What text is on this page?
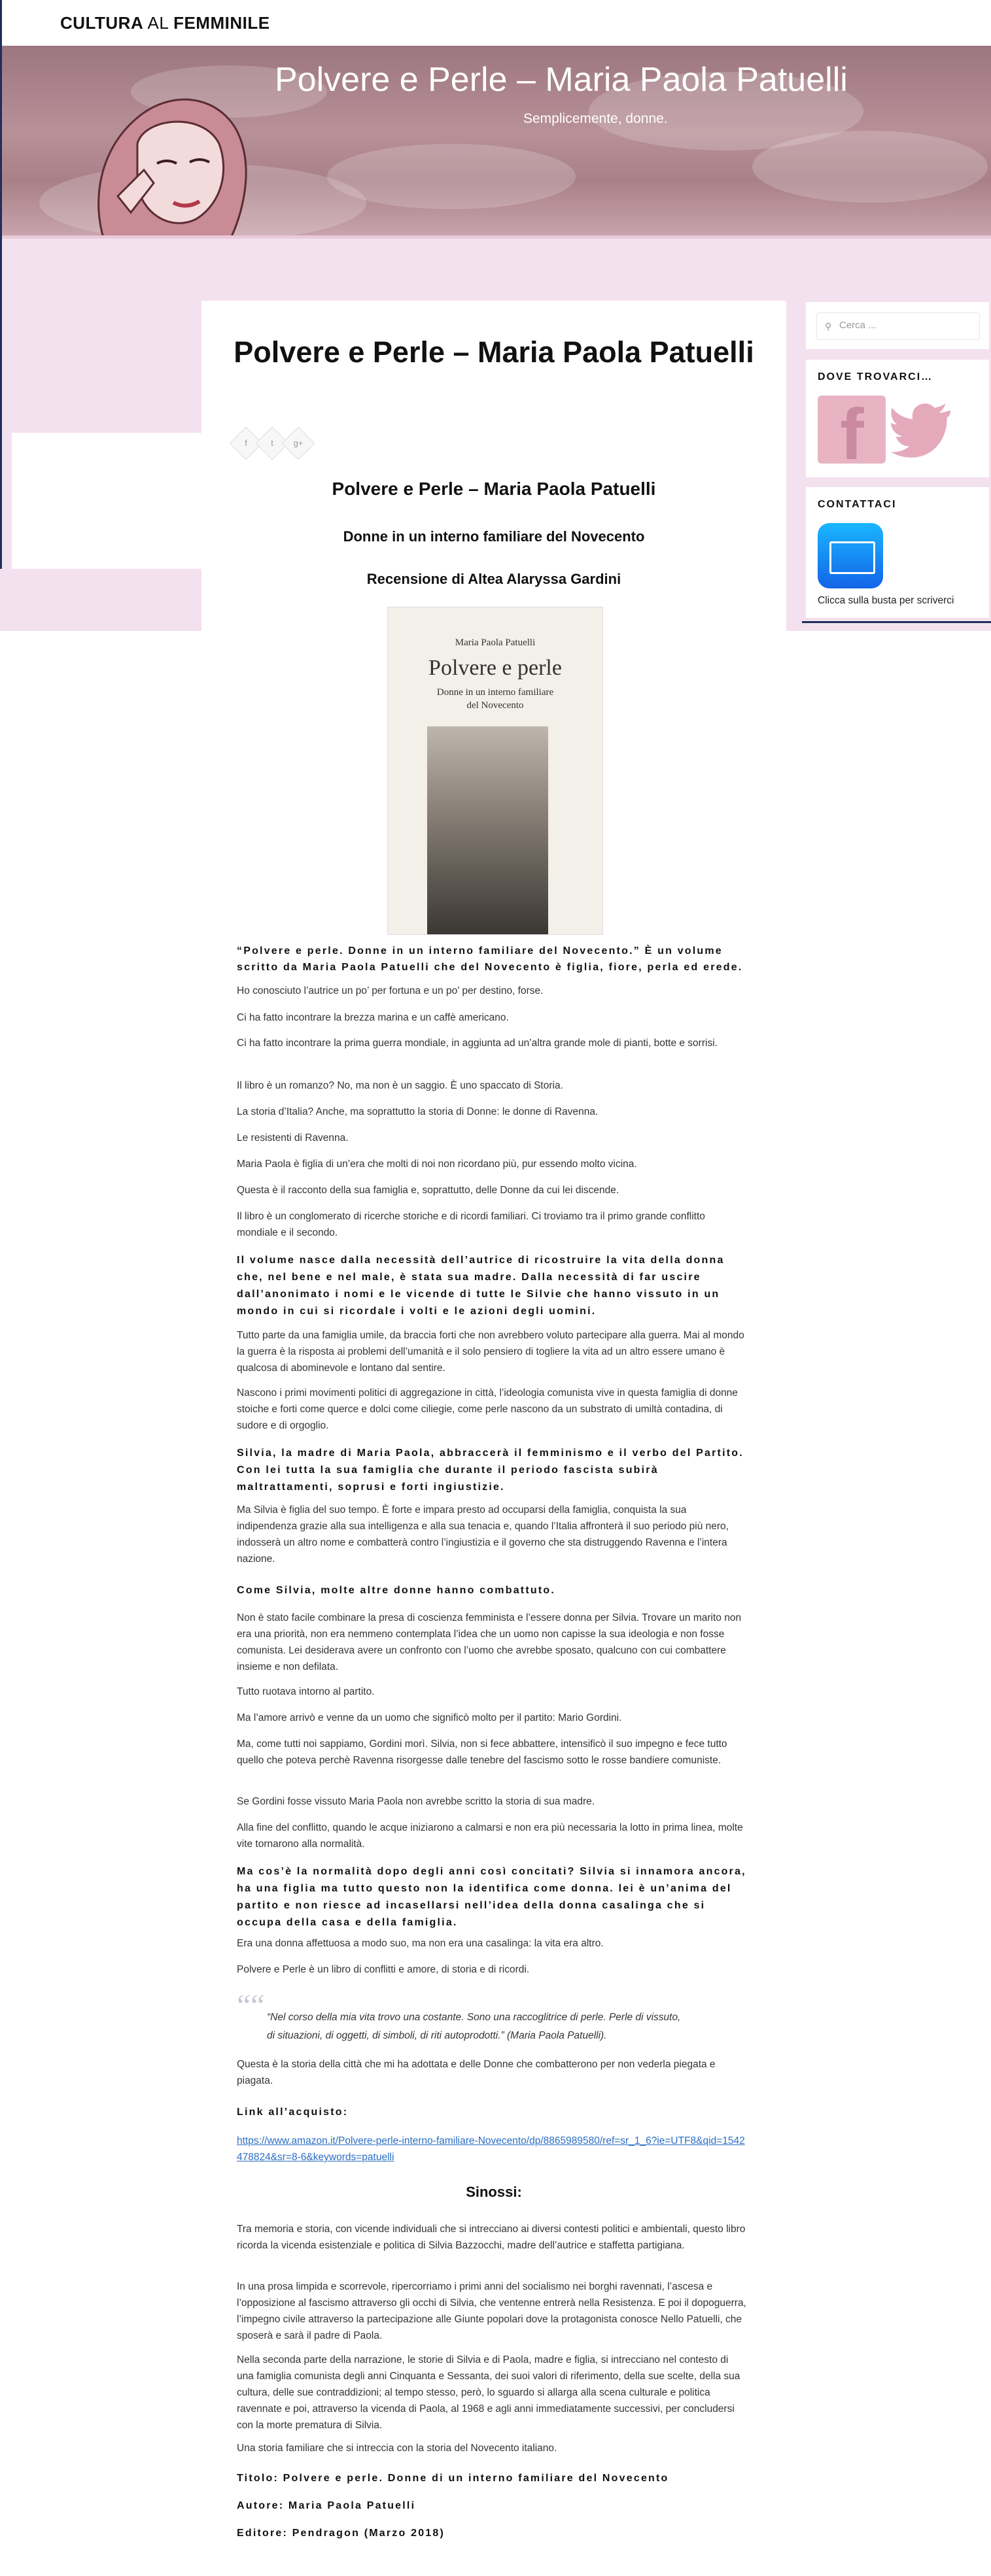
CULTURA AL FEMMINILE
Polvere e Perle – Maria Paola Patuelli
Semplicemente, donne.
⚲ Cerca ...
DOVE TROVARCI…
f
CONTATTACI
Clicca sulla busta per scriverci
Polvere e Perle – Maria Paola Patuelli
f	t	g+
Polvere e Perle – Maria Paola Patuelli
Donne in un interno familiare del Novecento
Recensione di Altea Alaryssa Gardini
Maria Paola Patuelli
Polvere e perle
Donne in un interno familiare
del Novecento
“Polvere e perle. Donne in un interno familiare del Novecento.” È un volume scritto da Maria Paola Patuelli che del Novecento è figlia, fiore, perla ed erede.
Ho conosciuto l’autrice un po’ per fortuna e un po’ per destino, forse.
Ci ha fatto incontrare la brezza marina e un caffè americano.
Ci ha fatto incontrare la prima guerra mondiale, in aggiunta ad un’altra grande mole di pianti, botte e sorrisi.
Il libro è un romanzo? No, ma non è un saggio. È uno spaccato di Storia.
La storia d’Italia? Anche, ma soprattutto la storia di Donne: le donne di Ravenna.
Le resistenti di Ravenna.
Maria Paola è figlia di un’era che molti di noi non ricordano più, pur essendo molto vicina.
Questa è il racconto della sua famiglia e, soprattutto, delle Donne da cui lei discende.
Il libro è un conglomerato di ricerche storiche e di ricordi familiari. Ci troviamo tra il primo grande conflitto mondiale e il secondo.
Il volume nasce dalla necessità dell’autrice di ricostruire la vita della donna che, nel bene e nel male, è stata sua madre. Dalla necessità di far uscire dall’anonimato i nomi e le vicende di tutte le Silvie che hanno vissuto in un mondo in cui si ricordale i volti e le azioni degli uomini.
Tutto parte da una famiglia umile, da braccia forti che non avrebbero voluto partecipare alla guerra. Mai al mondo la guerra è la risposta ai problemi dell’umanità e il solo pensiero di togliere la vita ad un altro essere umano è qualcosa di abominevole e lontano dal sentire.
Nascono i primi movimenti politici di aggregazione in città, l’ideologia comunista vive in questa famiglia di donne stoiche e forti come querce e dolci come ciliegie, come perle nascono da un substrato di umiltà contadina, di sudore e di orgoglio.
Silvia, la madre di Maria Paola, abbraccerà il femminismo e il verbo del Partito. Con lei tutta la sua famiglia che durante il periodo fascista subirà maltrattamenti, soprusi e forti ingiustizie.
Ma Silvia è figlia del suo tempo. È forte e impara presto ad occuparsi della famiglia, conquista la sua indipendenza grazie alla sua intelligenza e alla sua tenacia e, quando l’Italia affronterà il suo periodo più nero, indosserà un altro nome e combatterà contro l’ingiustizia e il governo che sta distruggendo Ravenna e l’intera nazione.
Come Silvia, molte altre donne hanno combattuto.
Non è stato facile combinare la presa di coscienza femminista e l’essere donna per Silvia. Trovare un marito non era una priorità, non era nemmeno contemplata l’idea che un uomo non capisse la sua ideologia e non fosse comunista. Lei desiderava avere un confronto con l’uomo che avrebbe sposato, qualcuno con cui combattere insieme e non defilata.
Tutto ruotava intorno al partito.
Ma l’amore arrivò e venne da un uomo che significò molto per il partito: Mario Gordini.
Ma, come tutti noi sappiamo, Gordini morì. Silvia, non si fece abbattere, intensificò il suo impegno e fece tutto quello che poteva perchè Ravenna risorgesse dalle tenebre del fascismo sotto le rosse bandiere comuniste.
Se Gordini fosse vissuto Maria Paola non avrebbe scritto la storia di sua madre.
Alla fine del conflitto, quando le acque iniziarono a calmarsi e non era più necessaria la lotto in prima linea, molte vite tornarono alla normalità.
Ma cos’è la normalità dopo degli anni così concitati? Silvia si innamora ancora, ha una figlia ma tutto questo non la identifica come donna. lei è un’anima del partito e non riesce ad incasellarsi nell’idea della donna casalinga che si occupa della casa e della famiglia.
Era una donna affettuosa a modo suo, ma non era una casalinga: la vita era altro.
Polvere e Perle è un libro di conflitti e amore, di storia e di ricordi.
““ “Nel corso della mia vita trovo una costante. Sono una raccoglitrice di perle. Perle di vissuto,
di situazioni, di oggetti, di simboli, di riti autoprodotti.” (Maria Paola Patuelli).
Questa è la storia della città che mi ha adottata e delle Donne che combatterono per non vederla piegata e piagata.
Link all’acquisto:
https://www.amazon.it/Polvere-perle-interno-familiare-Novecento/dp/8865989580/ref=sr_1_6?ie=UTF8&qid=1542478824&sr=8-6&keywords=patuelli
Sinossi:
Tra memoria e storia, con vicende individuali che si intrecciano ai diversi contesti politici e ambientali, questo libro ricorda la vicenda esistenziale e politica di Silvia Bazzocchi, madre dell’autrice e staffetta partigiana.
In una prosa limpida e scorrevole, ripercorriamo i primi anni del socialismo nei borghi ravennati, l’ascesa e l’opposizione al fascismo attraverso gli occhi di Silvia, che ventenne entrerà nella Resistenza. E poi il dopoguerra, l’impegno civile attraverso la partecipazione alle Giunte popolari dove la protagonista conosce Nello Patuelli, che sposerà e sarà il padre di Paola.
Nella seconda parte della narrazione, le storie di Silvia e di Paola, madre e figlia, si intrecciano nel contesto di una famiglia comunista degli anni Cinquanta e Sessanta, dei suoi valori di riferimento, della sue scelte, della sua cultura, delle sue contraddizioni; al tempo stesso, però, lo sguardo si allarga alla scena culturale e politica ravennate e poi, attraverso la vicenda di Paola, al 1968 e agli anni immediatamente successivi, per concludersi con la morte prematura di Silvia.
Una storia familiare che si intreccia con la storia del Novecento italiano.
Titolo: Polvere e perle. Donne di un interno familiare del Novecento
Autore: Maria Paola Patuelli
Editore: Pendragon (Marzo 2018)
